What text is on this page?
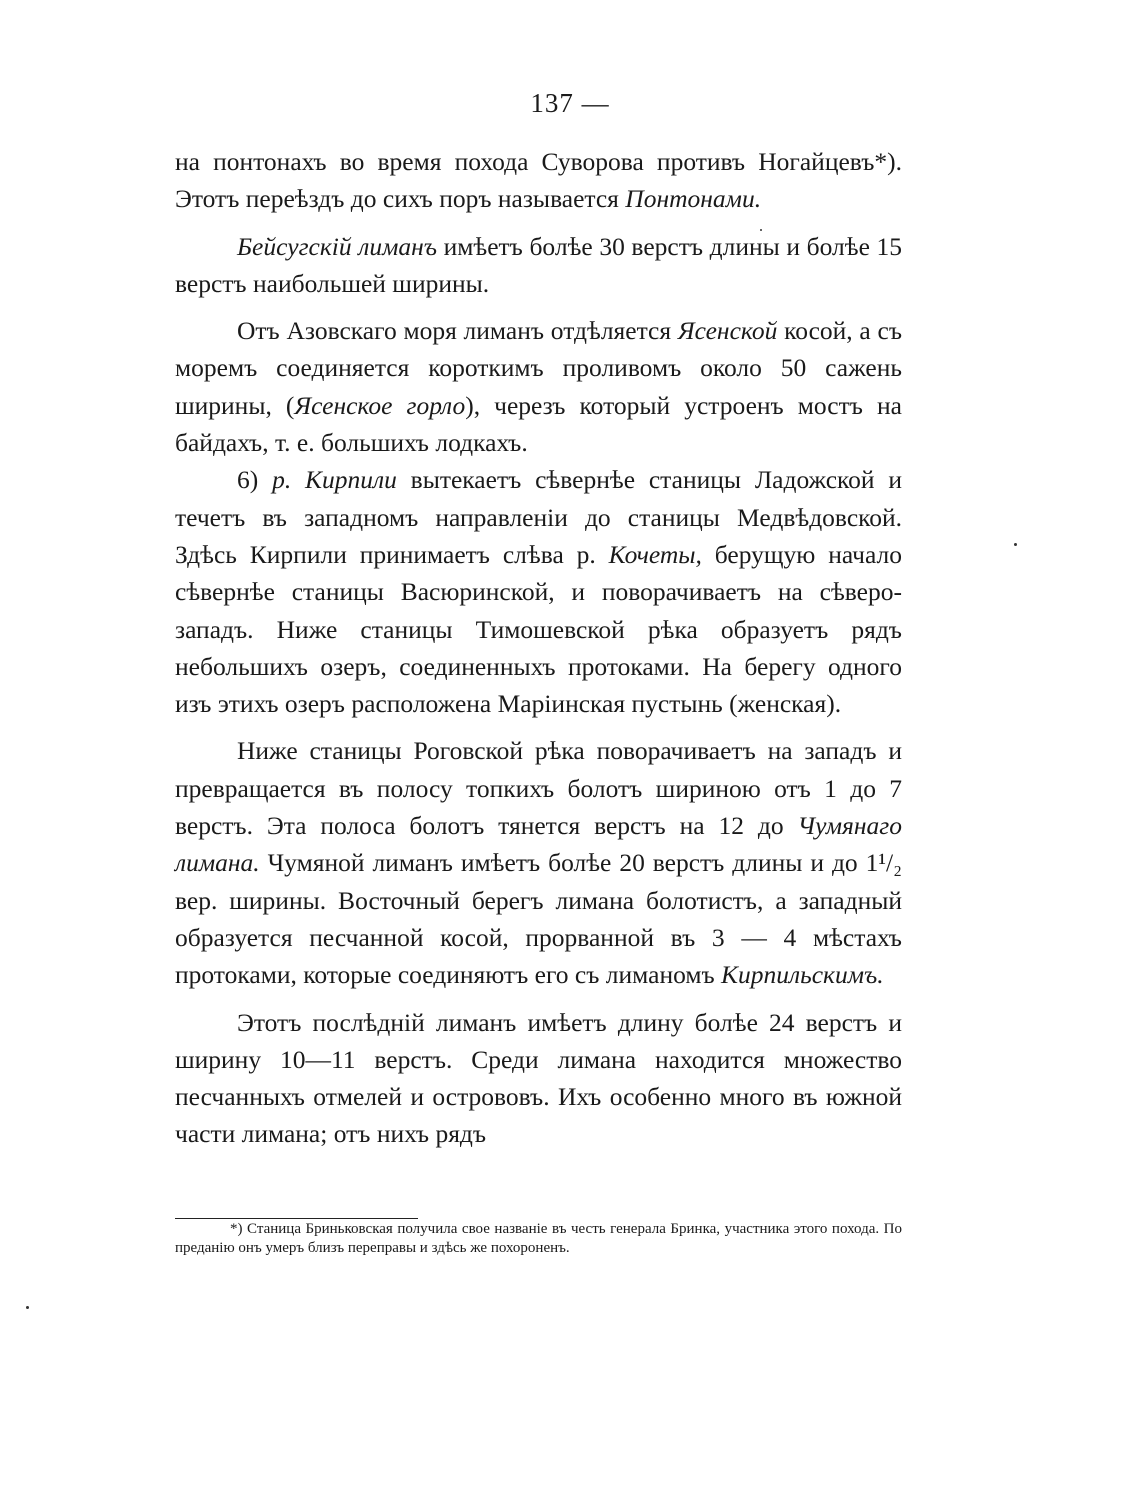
137 —

на понтонахъ во время похода Суворова противъ Ногайцевъ*). Этотъ переѣздъ до сихъ поръ называется Понтонами.

Бейсугскій лиманъ имѣетъ болѣе 30 верстъ длины и болѣе 15 верстъ наибольшей ширины.

Отъ Азовскаго моря лиманъ отдѣляется Ясенской косой, а съ моремъ соединяется короткимъ проливомъ около 50 сажень ширины, (Ясенское горло), черезъ который устроенъ мостъ на байдахъ, т. е. большихъ лодкахъ.

6) р. Кирпили вытекаетъ сѣвернѣе станицы Ладожской и течетъ въ западномъ направленіи до станицы Медвѣдовской. Здѣсь Кирпили принимаетъ слѣва р. Кочеты, берущую начало сѣвернѣе станицы Васюринской, и поворачиваетъ на сѣверо-западъ. Ниже станицы Тимошевской рѣка образуетъ рядъ небольшихъ озеръ, соединенныхъ протоками. На берегу одного изъ этихъ озеръ расположена Маріинская пустынь (женская).

Ниже станицы Роговской рѣка поворачиваетъ на западъ и превращается въ полосу топкихъ болотъ шириною отъ 1 до 7 верстъ. Эта полоса болотъ тянется верстъ на 12 до Чумянаго лимана. Чумяной лиманъ имѣетъ болѣе 20 верстъ длины и до 1¹/₂ вер. ширины. Восточный берегъ лимана болотистъ, а западный образуется песчанной косой, прорванной въ 3 — 4 мѣстахъ протоками, которые соединяютъ его съ лиманомъ Кирпильскимъ.

Этотъ послѣдній лиманъ имѣетъ длину болѣе 24 верстъ и ширину 10—11 верстъ. Среди лимана находится множество песчанныхъ отмелей и острововъ. Ихъ особенно много въ южной части лимана; отъ нихъ рядъ

*) Станица Бриньковская получила свое названіе въ честь генерала Бринка, участника этого похода. По преданію онъ умеръ близъ переправы и здѣсь же похороненъ.
